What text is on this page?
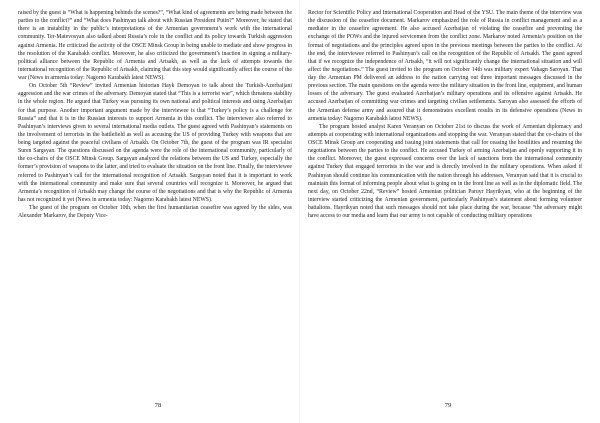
raised by the guest is “What is happening behinds the scenes?”, “What kind of agreements are being made between the parties to the conflict?” and “What does Pashinyan talk about with Russian President Putin?” Moreover, he stated that there is an instability in the public’s interpretations of the Armenian government’s work with the international community. Ter-Matevosyan also talked about Russia’s role in the conflict and its policy towards Turkish aggression against Armenia. He criticized the activity of the OSCE Minsk Group in being unable to mediate and show progress in the resolution of the Karabakh conflict. Moreover, he also criticized the government’s inaction in signing a military-political alliance between the Republic of Armenia and Artsakh, as well as the lack of attempts towards the international recognition of the Republic of Artsakh, claiming that this step would significantly affect the course of the war (News in armenia today: Nagorno Karabakh latest NEWS).

On October 5th “Review” invited Armenian historian Hayk Demoyan to talk about the Turkish-Azerbaijani aggression and the war crimes of the adversary. Demoyan stated that “This is a terrorist war”, which threatens stability in the whole region. He argued that Turkey was pursuing its own national and political interests and using Azerbaijan for that purpose. Another important argument made by the interviewee is that “Turkey’s policy is a challenge for Russia” and that it is in the Russian interests to support Armenia in this conflict. The interviewer also referred to Pashinyan’s interviews given to several international media outlets. The guest agreed with Pashinyan’s statements on the involvement of terrorists in the battlefield as well as accusing the US of providing Turkey with weapons that are being targeted against the peaceful civilians of Artsakh. On October 7th, the guest of the program was IR specialist Suren Sargsyan. The questions discussed on the agenda were the role of the international community, particularly of the co-chairs of the OSCE Minsk Group. Sargsyan analyzed the relations between the US and Turkey, especially the former’s provision of weapons to the latter, and tried to evaluate the situation on the front line. Finally, the interviewee referred to Pashinyan’s call for the international recognition of Artsakh. Sargsyan noted that it is important to work with the international community and make sure that several countries will recognize it. Moreover, he argued that Armenia’s recognition of Artsakh may change the course of the negotiations and that is why the Republic of Armenia has not recognized it yet (News in armenia today: Nagorno Karabakh latest NEWS).

The guest of the program on October 10th, when the first humanitarian ceasefire was agreed by the sides, was Alexander Markarov, the Deputy Vice-

78

Rector for Scientific Policy and International Cooperation and Head of the YSU. The main theme of the interview was the discussion of the ceasefire document. Markarov emphasized the role of Russia in conflict management and as a mediator in the ceasefire agreement. He also accused Azerbaijan of violating the ceasefire and preventing the exchange of the POWs and the injured servicemen from the conflict zone. Markarov noted Armenia’s position on the format of negotiations and the principles agreed upon in the previous meetings between the parties to the conflict. At the end, the interviewee referred to Pashinyan’s call on the recognition of the Republic of Artsakh. The guest agreed that if we recognize the independence of Artsakh, “it will not significantly change the international situation and will affect the negotiations.” The guest invited to the program on October 14th was military expert Vahagn Saroyan. That day the Armenian PM delivered an address to the nation carrying out three important messages discussed in the previous section. The main questions on the agenda were the military situation in the front line, equipment, and human losses of the adversary. The guest evaluated Azerbaijan’s military operations and its offensive against Artsakh. He accused Azerbaijan of committing war crimes and targeting civilian settlements. Saroyan also assessed the efforts of the Armenian defense army and assured that it demonstrates excellent results in its defensive operations (News in armenia today: Nagorno Karabakh latest NEWS).

The program hosted analyst Karen Veranyan on October 21st to discuss the work of Armenian diplomacy and attempts at cooperating with international organizations and stopping the war. Veranyan stated that the co-chairs of the OSCE Minsk Group are cooperating and issuing joint statements that call for ceasing the hostilities and resuming the negotiations between the parties to the conflict. He accused Turkey of arming Azerbaijan and openly supporting it in the conflict. Moreover, the guest expressed concerns over the lack of sanctions from the international community against Turkey that engaged terrorists in the war and is directly involved in the military operations. When asked if Pashinyan should continue his communication with the nation through his addresses, Veranyan said that it is crucial to maintain this format of informing people about what is going on in the front line as well as in the diplomatic field. The next day, on October 22nd, “Review” hosted Armenian politician Paruyr Hayrikyan, who at the beginning of the interview started criticizing the Armenian government, particularly Pashinyan’s statement about forming volunteer battalions. Hayrikyan noted that such messages should not take place during the war, because “the adversary might have access to our media and learn that our army is not capable of conducting military operations

79
